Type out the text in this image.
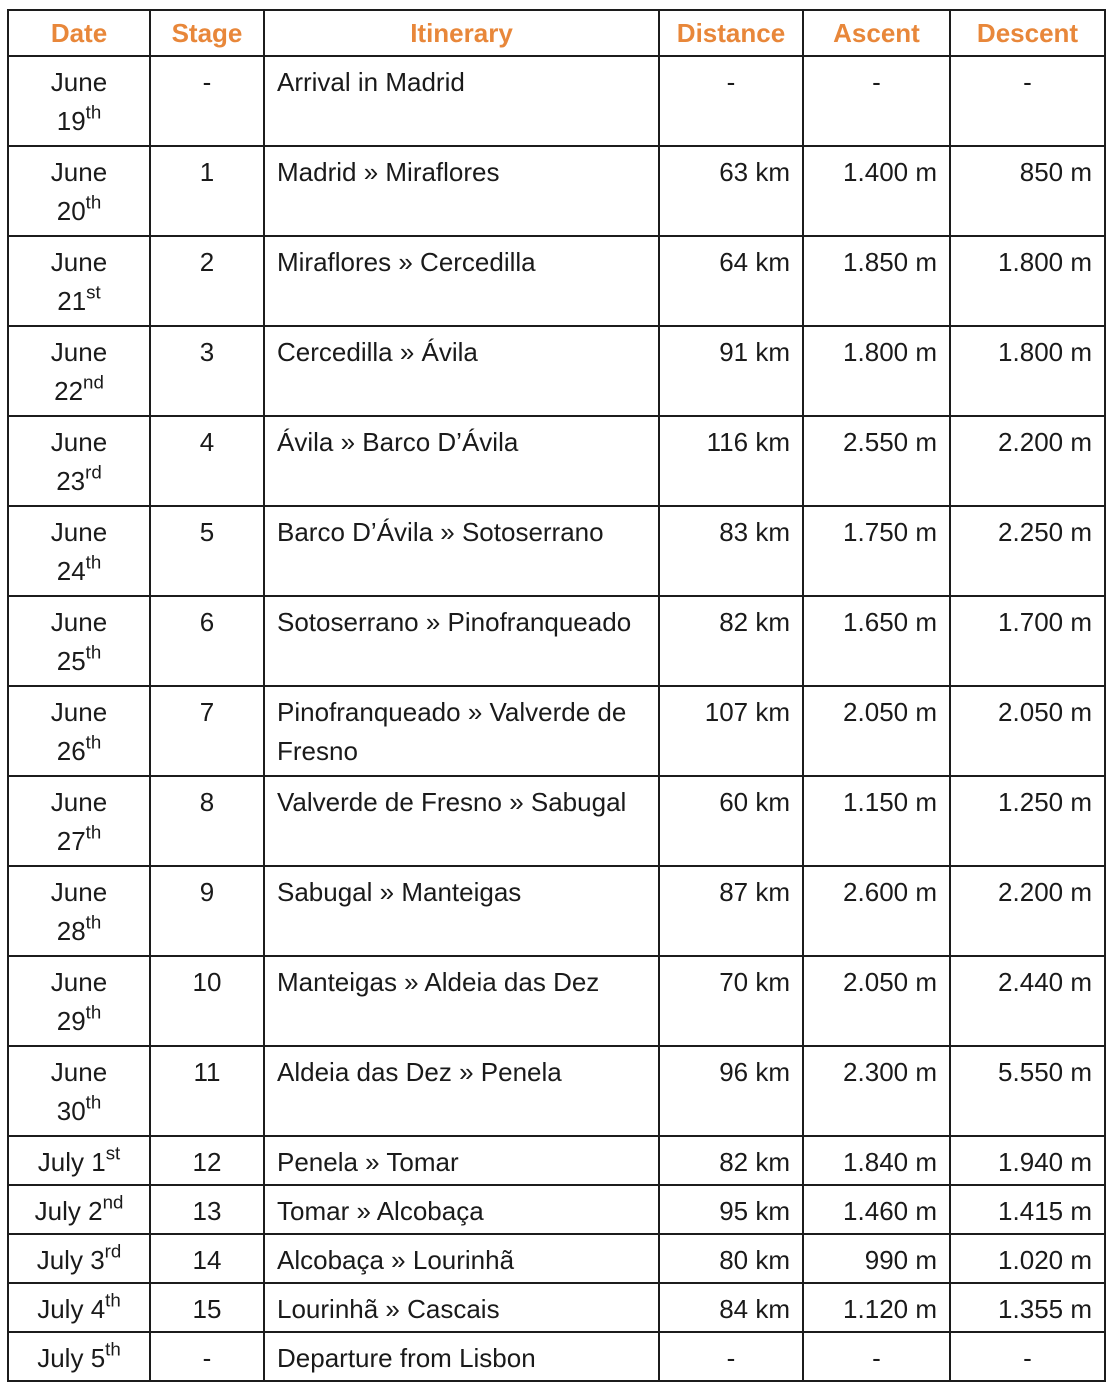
Date	Stage	Itinerary	Distance	Ascent	Descent

June
19th	-	Arrival in Madrid	-	-	-

June
20th	1	Madrid » Miraflores	63 km	1.400 m	850 m

June
21st	2	Miraflores » Cercedilla	64 km	1.850 m	1.800 m

June
22nd	3	Cercedilla » Ávila	91 km	1.800 m	1.800 m

June
23rd	4	Ávila » Barco D’Ávila	116 km	2.550 m	2.200 m

June
24th	5	Barco D’Ávila » Sotoserrano	83 km	1.750 m	2.250 m

June
25th	6	Sotoserrano » Pinofranqueado	82 km	1.650 m	1.700 m

June
26th	7	Pinofranqueado » Valverde de Fresno	107 km	2.050 m	2.050 m

June
27th	8	Valverde de Fresno » Sabugal	60 km	1.150 m	1.250 m

June
28th	9	Sabugal » Manteigas	87 km	2.600 m	2.200 m

June
29th	10	Manteigas » Aldeia das Dez	70 km	2.050 m	2.440 m

June
30th	11	Aldeia das Dez » Penela	96 km	2.300 m	5.550 m
July 1st	12	Penela » Tomar	82 km	1.840 m	1.940 m
July 2nd	13	Tomar » Alcobaça	95 km	1.460 m	1.415 m
July 3rd	14	Alcobaça » Lourinhã	80 km	990 m	1.020 m
July 4th	15	Lourinhã » Cascais	84 km	1.120 m	1.355 m
July 5th	-	Departure from Lisbon	-	-	-
